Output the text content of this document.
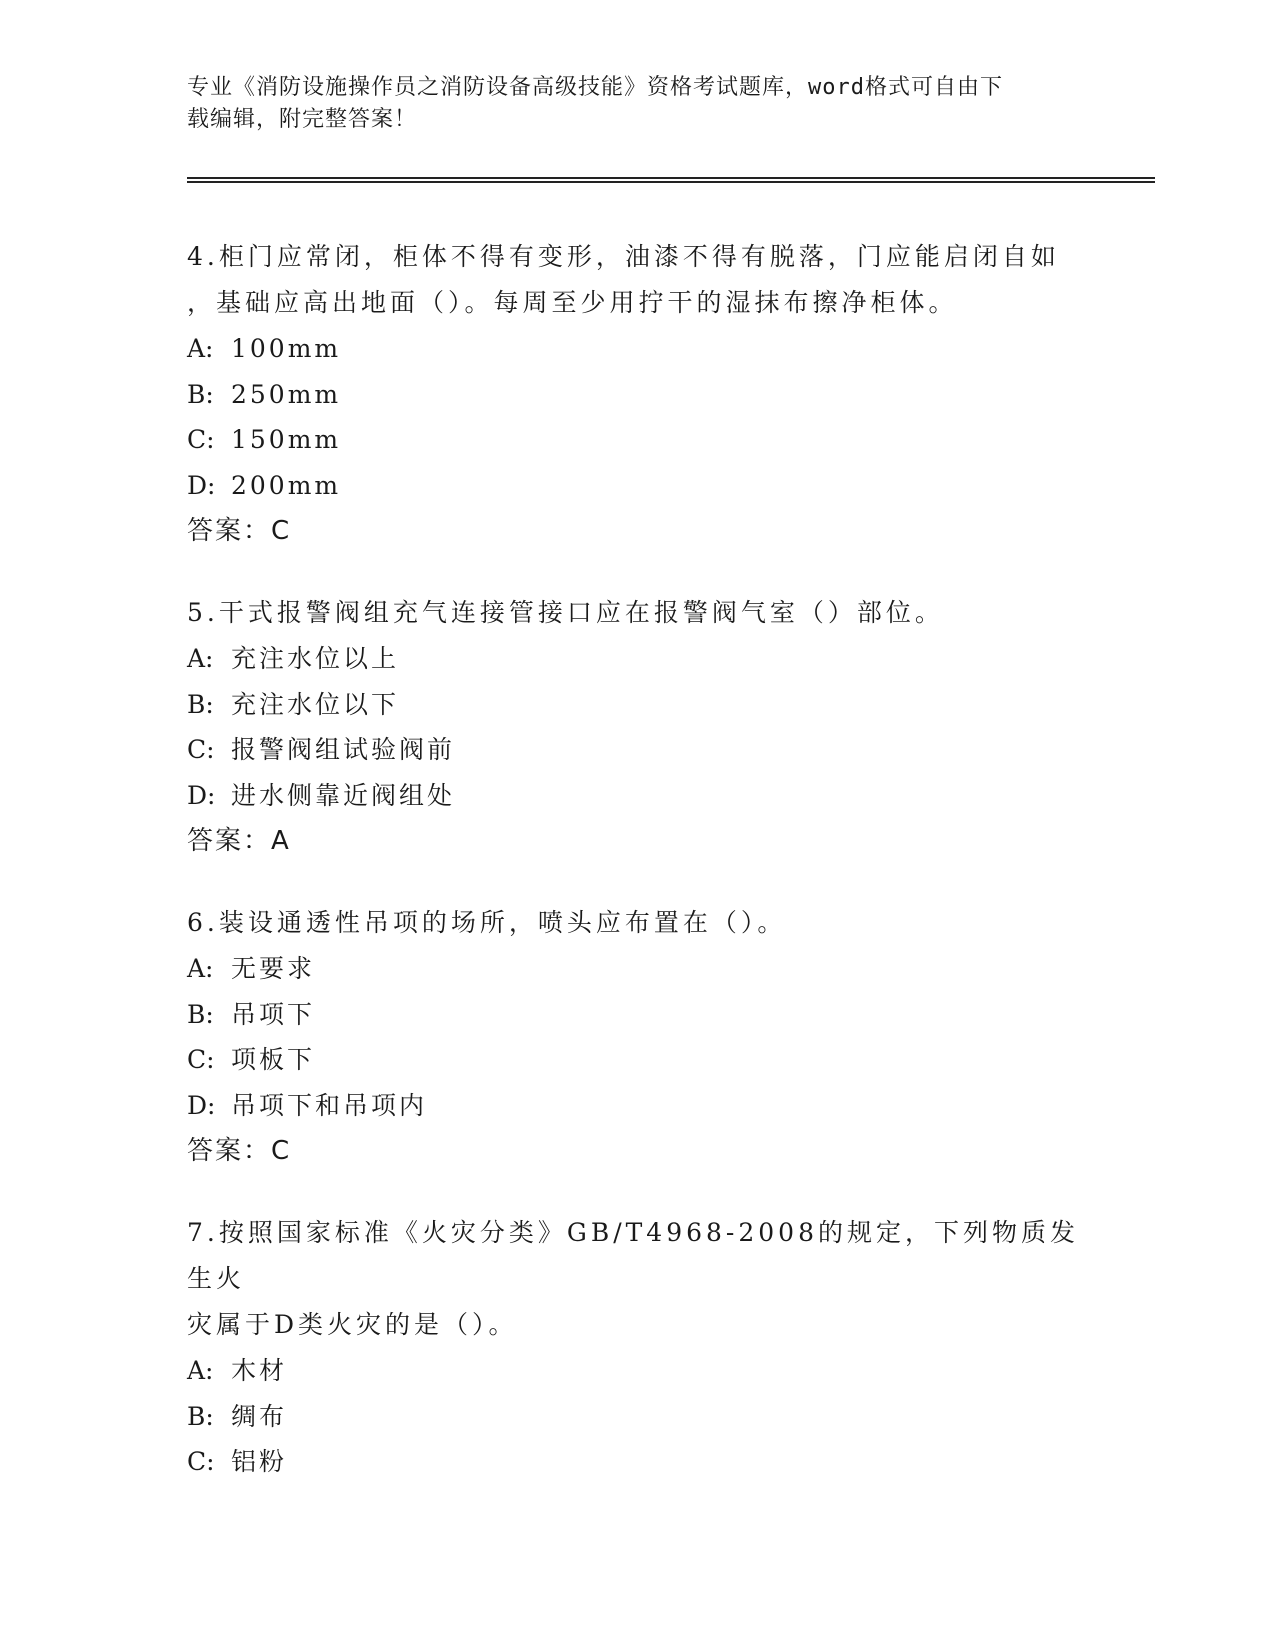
专业《消防设施操作员之消防设备高级技能》资格考试题库，word格式可自由下
载编辑，附完整答案！

4.柜门应常闭，柜体不得有变形，油漆不得有脱落，门应能启闭自如

，基础应高出地面（）。每周至少用拧干的湿抹布擦净柜体。

A: 100mm

B: 250mm

C: 150mm

D: 200mm

答案：C

5.干式报警阀组充气连接管接口应在报警阀气室（）部位。

A: 充注水位以上

B: 充注水位以下

C: 报警阀组试验阀前

D: 进水侧靠近阀组处

答案：A

6.装设通透性吊项的场所，喷头应布置在（）。

A: 无要求

B: 吊项下

C: 项板下

D: 吊项下和吊项内

答案：C

7.按照国家标准《火灾分类》GB/T4968-2008的规定，下列物质发生火

灾属于D类火灾的是（）。

A: 木材

B: 绸布

C: 铝粉
